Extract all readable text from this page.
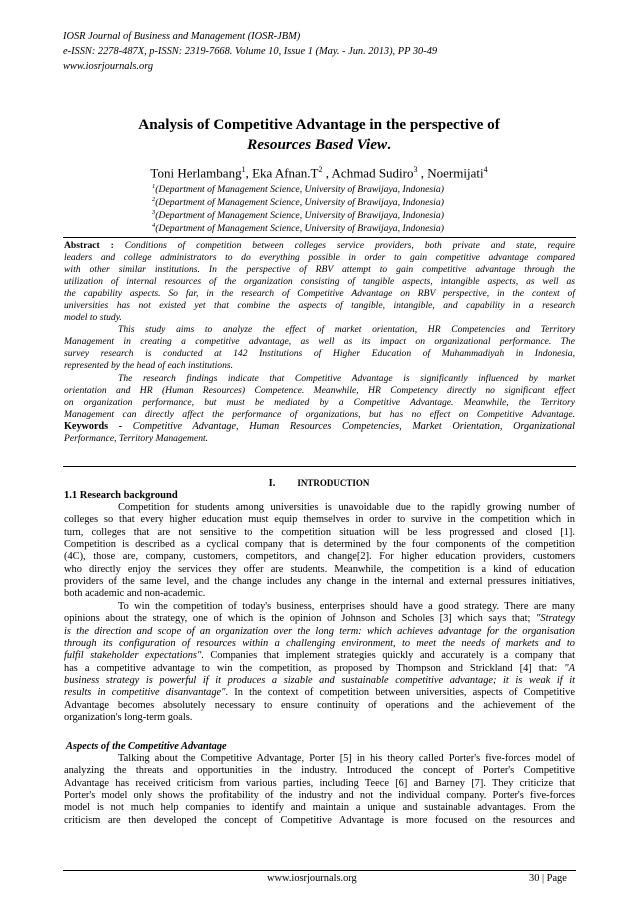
IOSR Journal of Business and Management (IOSR-JBM)
e-ISSN: 2278-487X, p-ISSN: 2319-7668. Volume 10, Issue 1 (May. - Jun. 2013), PP 30-49
www.iosrjournals.org
Analysis of Competitive Advantage in the perspective of
Resources Based View.
Toni Herlambang$^1$, Eka $Afnan.T^2$ , Achmad Sudiro$^3$ , Noermijati$^4$
$^1$(Department of Management Science, University of Brawijaya, Indonesia)
$^2$(Department of Management Science, University of Brawijaya, Indonesia)
$^3$(Department of Management Science, University of Brawijaya, Indonesia)
$^4$(Department of Management Science, University of Brawijaya, Indonesia)
Abstract : Conditions of competition between colleges service providers, both private and state, require
leaders and college administrators to do everything possible in order to gain competitive advantage compared
with other similar institutions. In the perspective of RBV attempt to gain competitive advantage through the
utilization of internal resources of the organization consisting of tangible aspects, intangible aspects, as well as
the capability aspects. So far, in the research of Competitive Advantage on RBV perspective, in the context of
universities has not existed yet that combine the aspects of tangible, intangible, and capability in a research
model to study.
This study aims to analyze the effect of market orientation, HR Competencies and Territory
Management in creating a competitive advantage, as well as its impact on organizational performance. The
survey research is conducted at 142 Institutions of Higher Education of Muhammadiyah in Indonesia,
represented by the head of each institutions.
The research findings indicate that Competitive Advantage is significantly influenced by market
orientation and HR (Human Resources) Competence. Meanwhile, HR Competency directly no significant effect
on organization performance, but must be mediated by a Competitive Advantage. Meanwhile, the Territory
Management can directly affect the performance of organizations, but has no effect on Competitive Advantage.
Keywords - Competitive Advantage, Human Resources Competencies, Market Orientation, Organizational
Performance, Territory Management.
I. INTRODUCTION
1.1 Research background
Competition for students among universities is unavoidable due to the rapidly growing number of
colleges so that every higher education must equip themselves in order to survive in the competition which in
turn, colleges that are not sensitive to the competition situation will be less progressed and closed [1].
Competition is described as a cyclical company that is determined by the four components of the competition
(4C), those are, company, customers, competitors, and change[2]. For higher education providers, customers
who directly enjoy the services they offer are students. Meanwhile, the competition is a kind of education
providers of the same level, and the change includes any change in the internal and external pressures initiatives,
both academic and non-academic.
To win the competition of today's business, enterprises should have a good strategy. There are many
opinions about the strategy, one of which is the opinion of Johnson and Scholes [3] which says that; "Strategy
is the direction and scope of an organization over the long term: which achieves advantage for the organisation
through its configuration of resources within a challenging environment, to meet the needs of markets and to
fulfil stakeholder expectations". Companies that implement strategies quickly and accurately is a company that
has a competitive advantage to win the competition, as proposed by Thompson and Strickland [4] that: "A
business strategy is powerful if it produces a sizable and sustainable competitive advantage; it is weak if it
results in competitive disanvantage". In the context of competition between universities, aspects of Competitive
Advantage becomes absolutely necessary to ensure continuity of operations and the achievement of the
organization's long-term goals.
Aspects of the Competitive Advantage
Talking about the Competitive Advantage, Porter [5] in his theory called Porter's five-forces model of
analyzing the threats and opportunities in the industry. Introduced the concept of Porter's Competitive
Advantage has received criticism from various parties, including Teece [6] and Barney [7]. They criticize that
Porter's model only shows the profitability of the industry and not the individual company. Porter's five-forces
model is not much help companies to identify and maintain a unique and sustainable advantages. From the
criticism are then developed the concept of Competitive Advantage is more focused on the resources and
www.iosrjournals.org	30 | Page
